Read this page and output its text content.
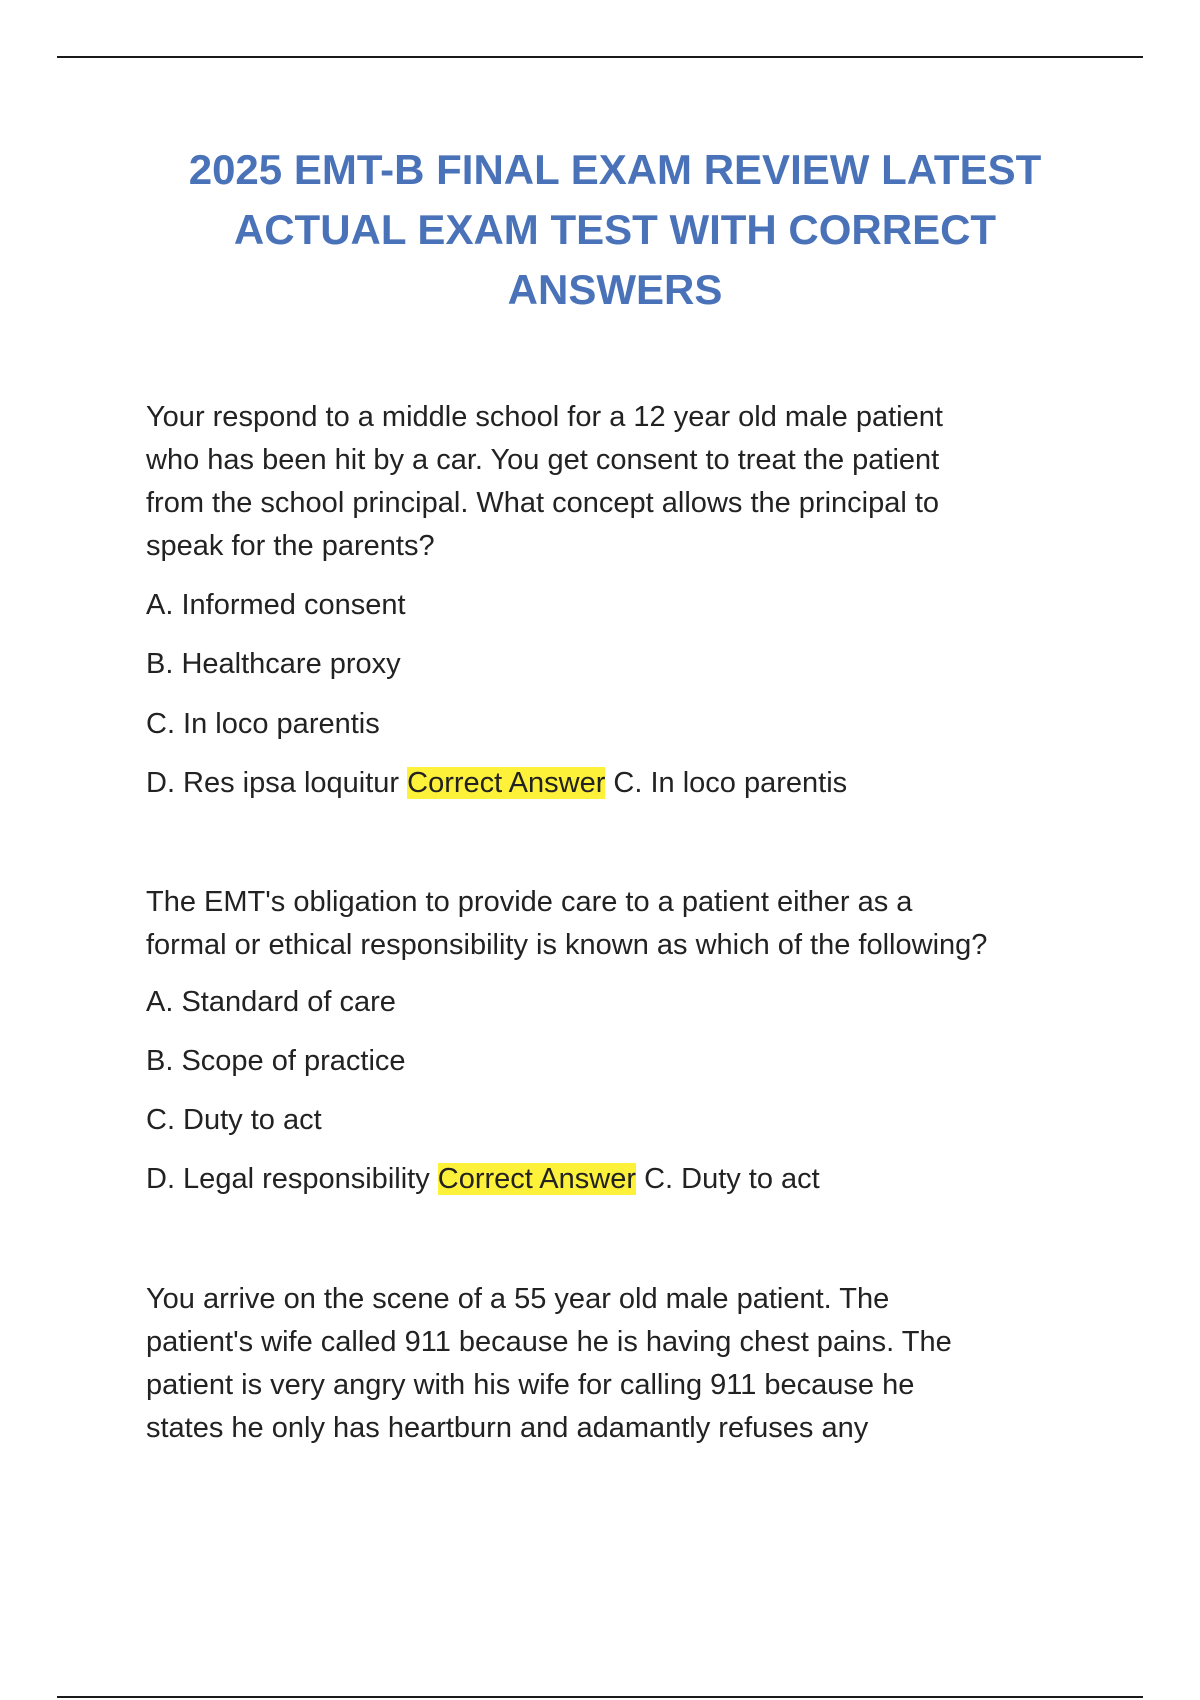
2025 EMT-B FINAL EXAM REVIEW LATEST
ACTUAL EXAM TEST WITH CORRECT
ANSWERS

Your respond to a middle school for a 12 year old male patient

who has been hit by a car. You get consent to treat the patient

from the school principal. What concept allows the principal to

speak for the parents?

A. Informed consent

B. Healthcare proxy

C. In loco parentis

D. Res ipsa loquitur Correct Answer C. In loco parentis

The EMT's obligation to provide care to a patient either as a

formal or ethical responsibility is known as which of the following?

A. Standard of care

B. Scope of practice

C. Duty to act

D. Legal responsibility Correct Answer C. Duty to act

You arrive on the scene of a 55 year old male patient. The

patient's wife called 911 because he is having chest pains. The

patient is very angry with his wife for calling 911 because he

states he only has heartburn and adamantly refuses any
